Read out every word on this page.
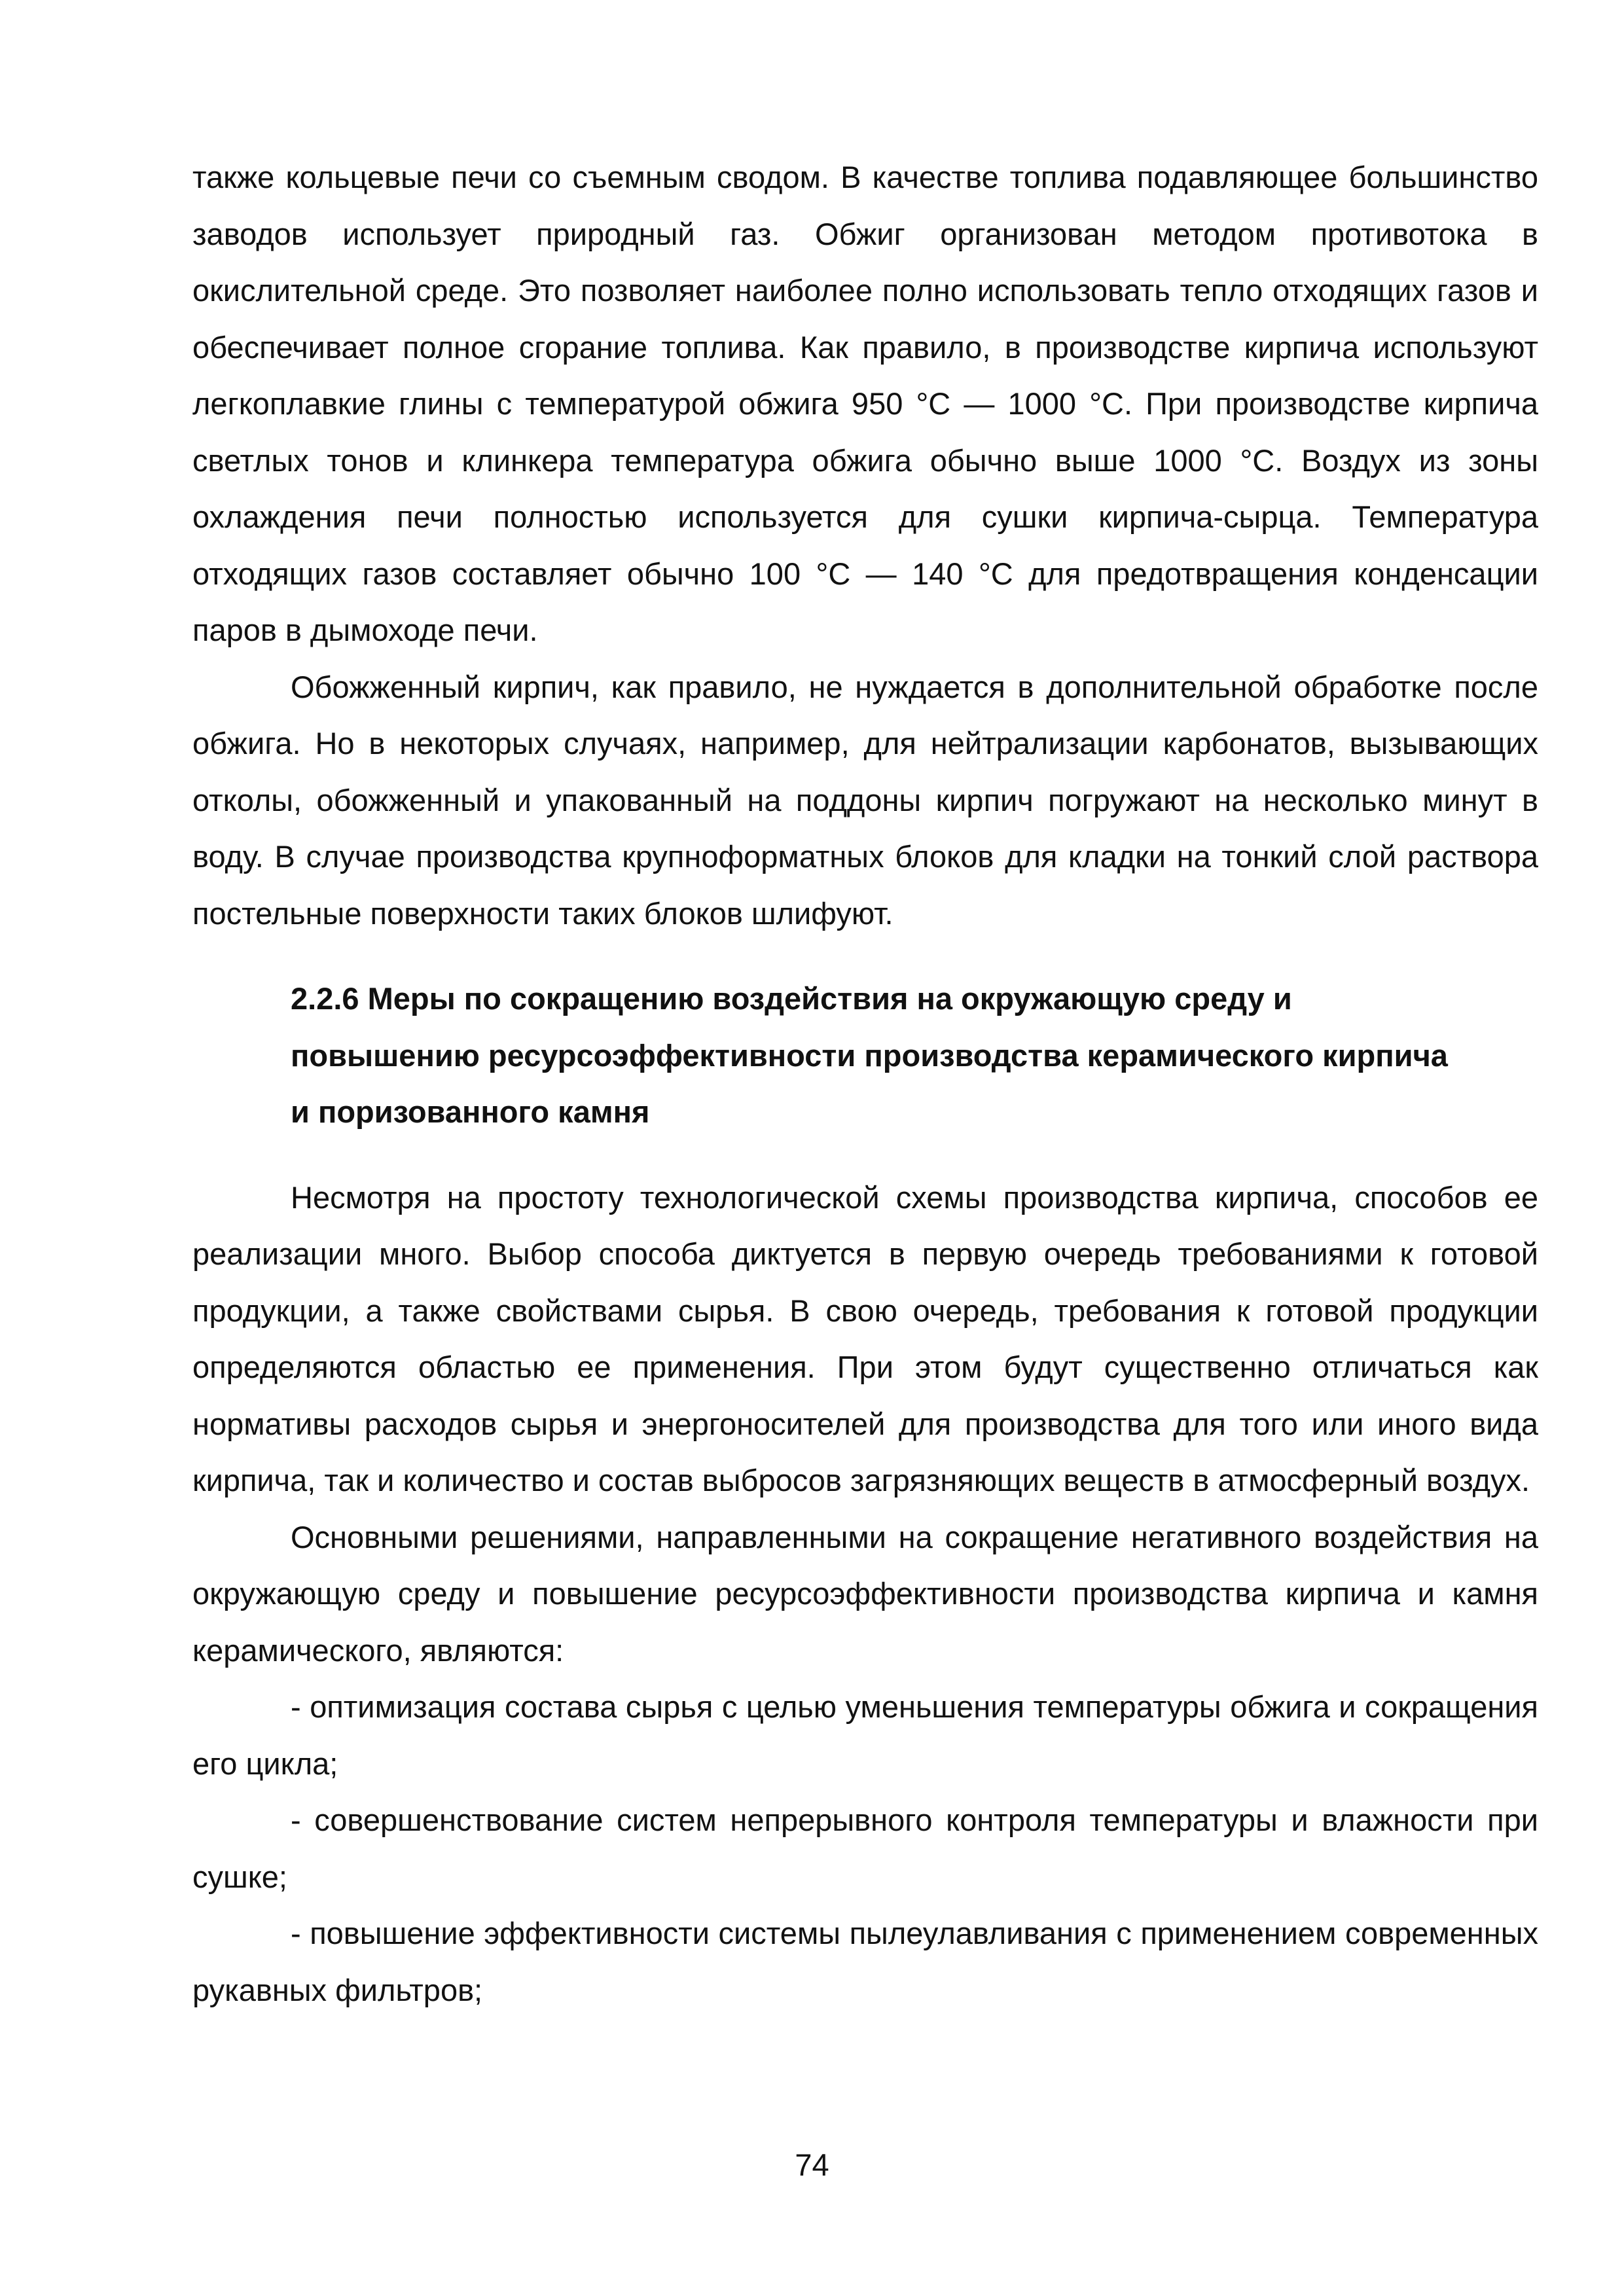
также кольцевые печи со съемным сводом. В качестве топлива подавляющее большинство заводов использует природный газ. Обжиг организован методом противотока в окислительной среде. Это позволяет наиболее полно использовать тепло отходящих газов и обеспечивает полное сгорание топлива. Как правило, в производстве кирпича используют легкоплавкие глины с температурой обжига 950 °С — 1000 °С. При производстве кирпича светлых тонов и клинкера температура обжига обычно выше 1000 °С. Воздух из зоны охлаждения печи полностью используется для сушки кирпича-сырца. Температура отходящих газов составляет обычно 100 °С — 140 °С для предотвращения конденсации паров в дымоходе печи.

Обожженный кирпич, как правило, не нуждается в дополнительной обработке после обжига. Но в некоторых случаях, например, для нейтрализации карбонатов, вызывающих отколы, обожженный и упакованный на поддоны кирпич погружают на несколько минут в воду. В случае производства крупноформатных блоков для кладки на тонкий слой раствора постельные поверхности таких блоков шлифуют.

2.2.6 Меры по сокращению воздействия на окружающую среду и

повышению ресурсоэффективности производства керамического кирпича

и поризованного камня

Несмотря на простоту технологической схемы производства кирпича, способов ее реализации много. Выбор способа диктуется в первую очередь требованиями к готовой продукции, а также свойствами сырья. В свою очередь, требования к готовой продукции определяются областью ее применения. При этом будут существенно отличаться как нормативы расходов сырья и энергоносителей для производства для того или иного вида кирпича, так и количество и состав выбросов загрязняющих веществ в атмосферный воздух.

Основными решениями, направленными на сокращение негативного воздействия на окружающую среду и повышение ресурсоэффективности производства кирпича и камня керамического, являются:

- оптимизация состава сырья с целью уменьшения температуры обжига и сокращения его цикла;

- совершенствование систем непрерывного контроля температуры и влажности при сушке;

- повышение эффективности системы пылеулавливания с применением современных рукавных фильтров;

74
